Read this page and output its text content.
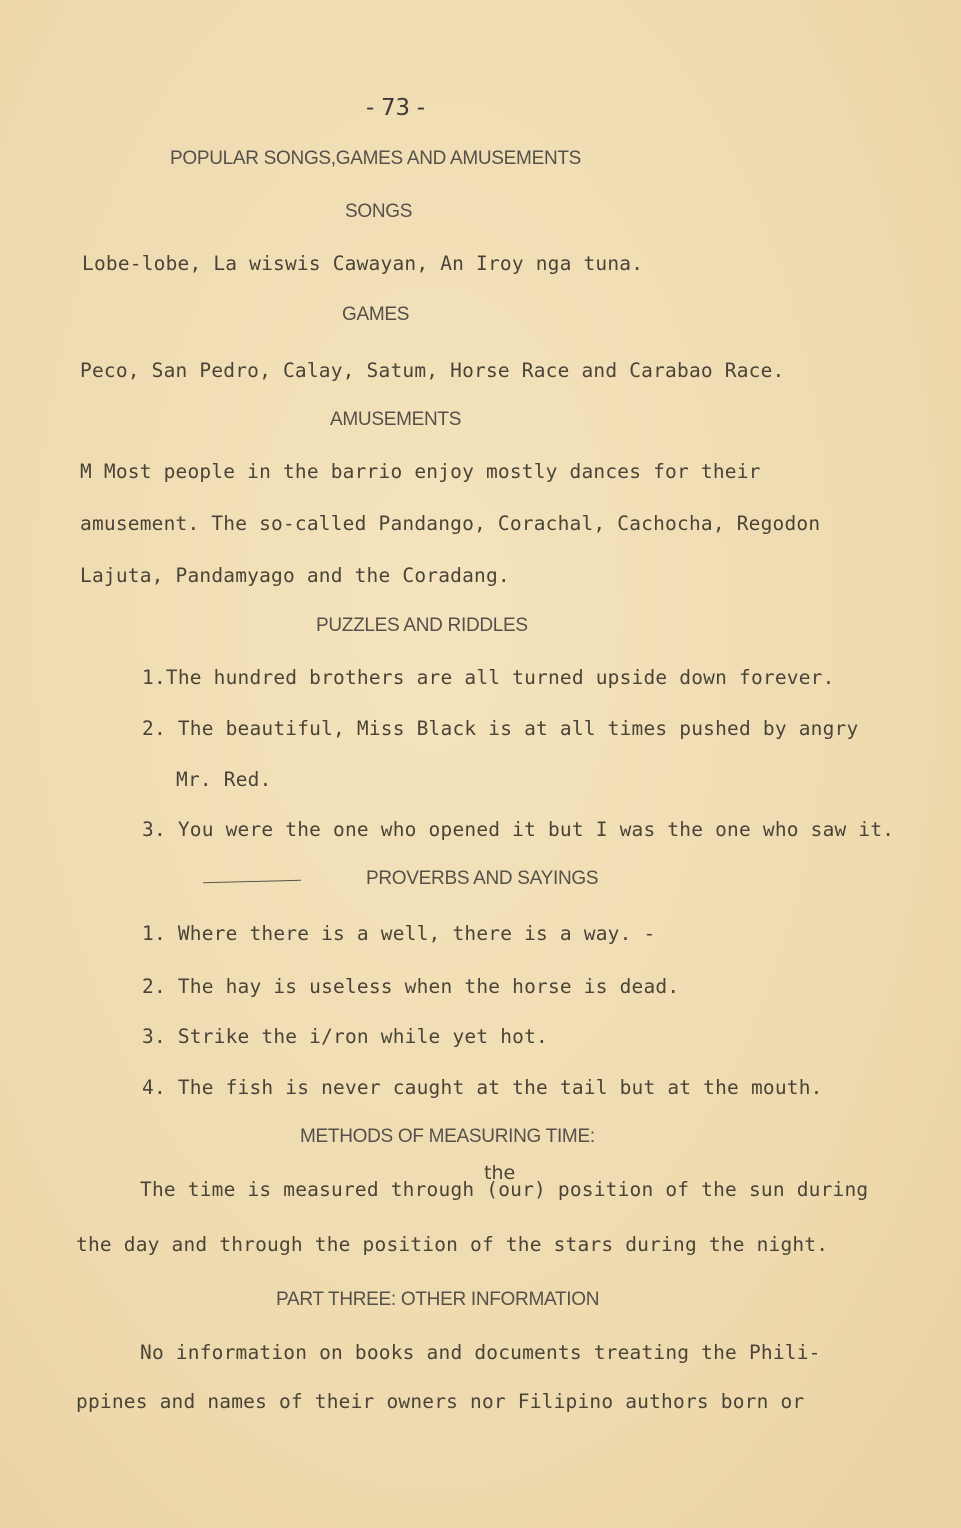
- 73 -
POPULAR SONGS,GAMES AND AMUSEMENTS
SONGS
Lobe-lobe, La wiswis Cawayan, An Iroy nga tuna.
GAMES
Peco, San Pedro, Calay, Satum, Horse Race and Carabao Race.
AMUSEMENTS
M Most people in the barrio enjoy mostly dances for their
amusement. The so-called Pandango, Corachal, Cachocha, Regodon
Lajuta, Pandamyago and the Coradang.
PUZZLES AND RIDDLES
1.The hundred brothers are all turned upside down forever.
2. The beautiful, Miss Black is at all times pushed by angry
Mr. Red.
3. You were the one who opened it but I was the one who saw it.
PROVERBS AND SAYINGS
1. Where there is a well, there is a way. -
2. The hay is useless when the horse is dead.
3. Strike the i/ron while yet hot.
4. The fish is never caught at the tail but at the mouth.
METHODS OF MEASURING TIME:
the
The time is measured through (our) position of the sun during
the day and through the position of the stars during the night.
PART THREE: OTHER INFORMATION
No information on books and documents treating the Phili-
ppines and names of their owners nor Filipino authors born or
